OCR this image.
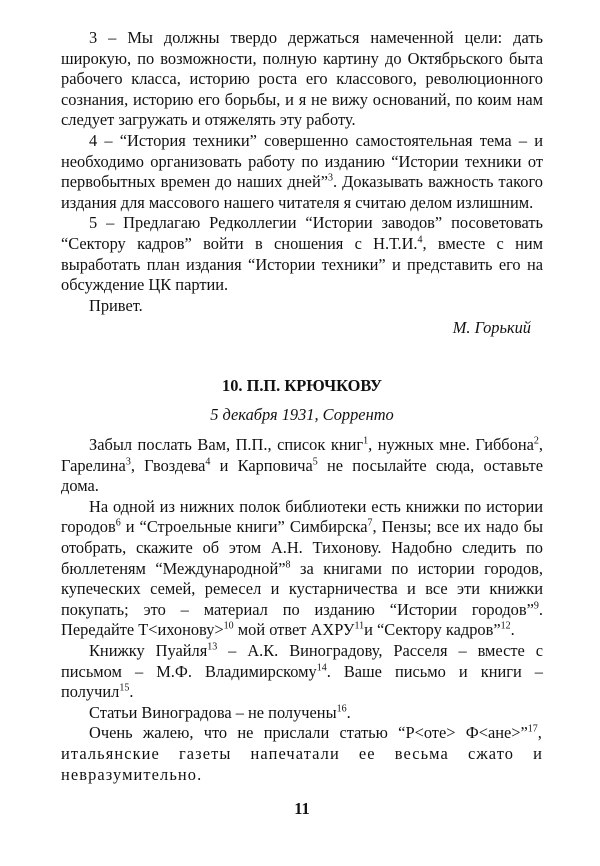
3 – Мы должны твердо держаться намеченной цели: дать широкую, по возможности, полную картину до Октябрьского быта рабочего класса, историю роста его классового, революционного сознания, историю его борьбы, и я не вижу оснований, по коим нам следует загружать и отяжелять эту работу.

4 – “История техники” совершенно самостоятельная тема – и необходимо организовать работу по изданию “Истории техники от первобытных времен до наших дней”$^3$. Доказывать важность такого издания для массового нашего читателя я считаю делом излишним.

5 – Предлагаю Редколлегии “Истории заводов” посоветовать “Сектору кадров” войти в сношения с Н.Т.И.$^4$, вместе с ним выработать план издания “Истории техники” и представить его на обсуждение ЦК партии.

Привет.

М. Горький
10. П.П. КРЮЧКОВУ
5 декабря 1931, Сорренто

Забыл послать Вам, П.П., список книг$^1$, нужных мне. Гиббона$^2$, Гарелина$^3$, Гвоздева$^4$ и Карповича$^5$ не посылайте сюда, оставьте дома.

На одной из нижних полок библиотеки есть книжки по истории городов$^6$ и “Строельные книги” Симбирска$^7$, Пензы; все их надо бы отобрать, скажите об этом А.Н. Тихонову. Надобно следить по бюллетеням “Международной”$^8$ за книгами по истории городов, купеческих семей, ремесел и кустарничества и все эти книжки покупать; это – материал по изданию “Истории городов”$^9$. Передайте Т<ихонову>$^{10}$ мой ответ АХРУ$^{11}$и “Сектору кадров”$^{12}$.

Книжку Пуайля$^{13}$ – А.К. Виноградову, Расселя – вместе с письмом – М.Ф. Владимирскому$^{14}$. Ваше письмо и книги – получил$^{15}$.

Статьи Виноградова – не получены$^{16}$.

Очень жалею, что не прислали статью “Р<оте> Ф<ане>”$^{17}$, итальянские газеты напечатали ее весьма сжато и невразумительно.

11
